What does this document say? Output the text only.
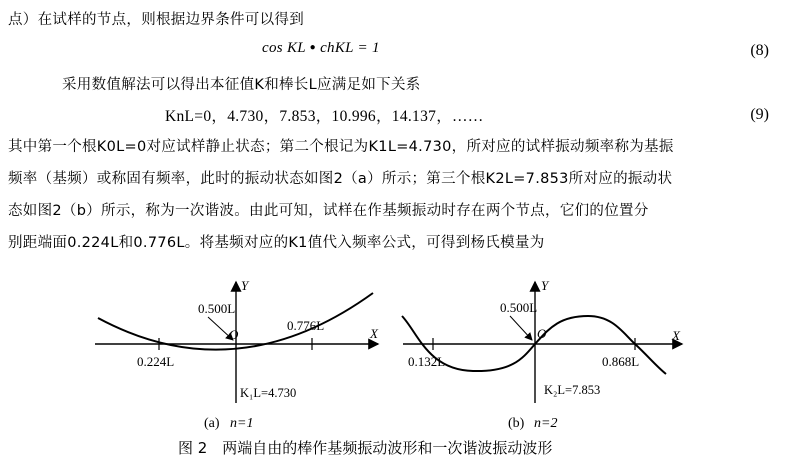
点）在试样的节点，则根据边界条件可以得到
cos KL ● chKL = 1	(8)
采用数值解法可以得出本征值K和棒长L应满足如下关系
KnL=0，4.730，7.853，10.996，14.137，……	(9)
其中第一个根K0L=0对应试样静止状态；第二个根记为K1L=4.730，所对应的试样振动频率称为基振
频率（基频）或称固有频率，此时的振动状态如图2（a）所示；第三个根K2L=7.853所对应的振动状
态如图2（b）所示，称为一次谐波。由此可知，试样在作基频振动时存在两个节点，它们的位置分
别距端面0.224L和0.776L。将基频对应的K1值代入频率公式，可得到杨氏模量为
X
Y
O
0.500L
0.776L
0.224L
K₁L=4.730
(a) n=1
X
Y
O
0.500L
0.132L	0.868L
K₂L=7.853
(b) n=2
图 2　两端自由的棒作基频振动波形和一次谐波振动波形
